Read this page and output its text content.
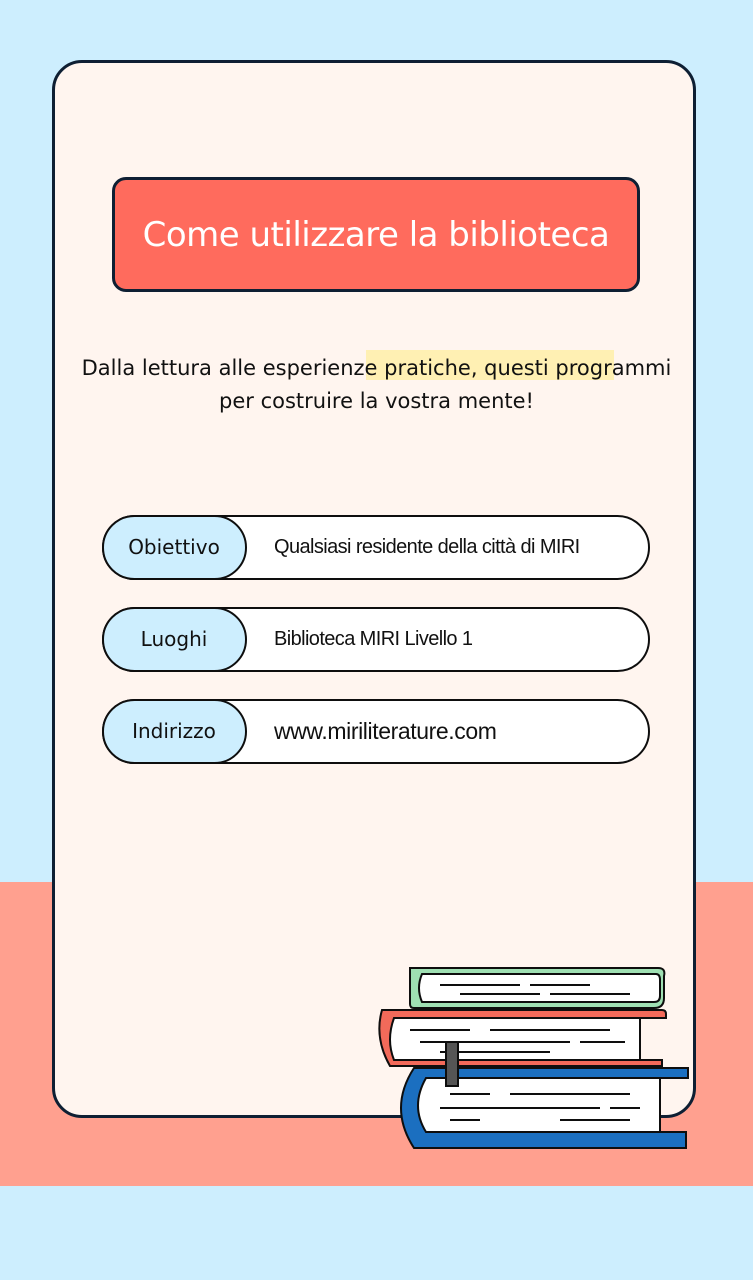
Come utilizzare la biblioteca
Dalla lettura alle esperienze pratiche, questi programmi
per costruire la vostra mente!
Obiettivo	Qualsiasi residente della città di MIRI
Luoghi	Biblioteca MIRI Livello 1
Indirizzo	www.miriliterature.com
